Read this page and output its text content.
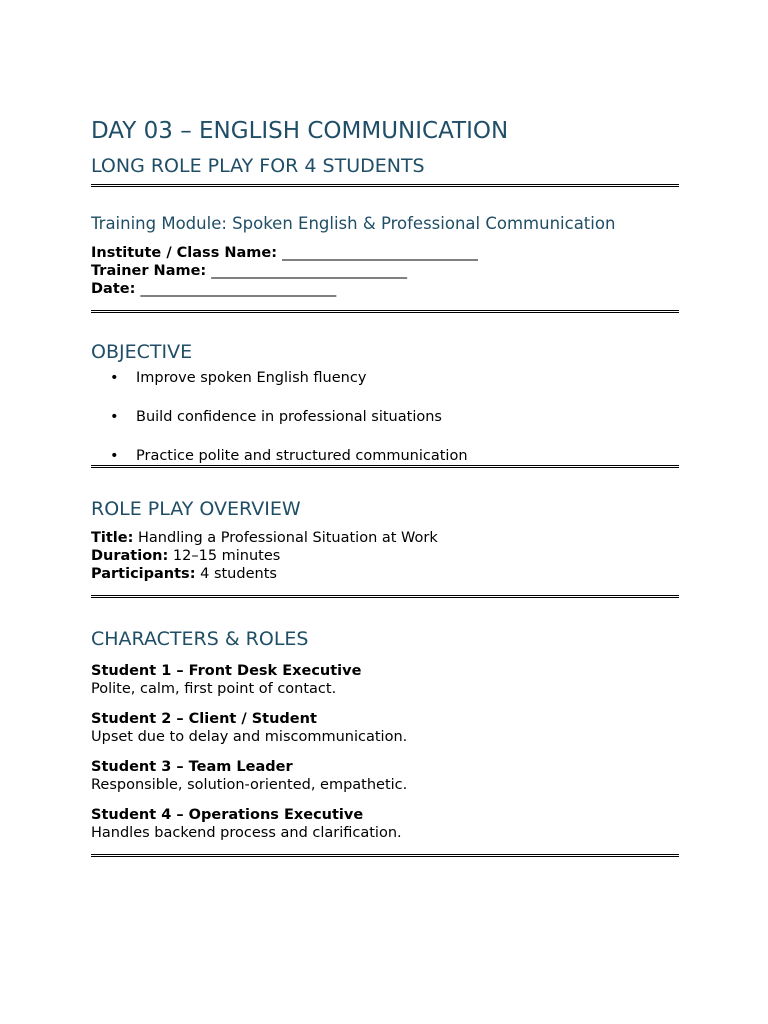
DAY 03 – ENGLISH COMMUNICATION
LONG ROLE PLAY FOR 4 STUDENTS
Training Module: Spoken English & Professional Communication
Institute / Class Name: ___________________________
Trainer Name: ___________________________
Date: ___________________________
OBJECTIVE
• Improve spoken English fluency
• Build confidence in professional situations
• Practice polite and structured communication
ROLE PLAY OVERVIEW
Title: Handling a Professional Situation at Work
Duration: 12–15 minutes
Participants: 4 students
CHARACTERS & ROLES
Student 1 – Front Desk Executive
Polite, calm, first point of contact.
Student 2 – Client / Student
Upset due to delay and miscommunication.
Student 3 – Team Leader
Responsible, solution-oriented, empathetic.
Student 4 – Operations Executive
Handles backend process and clarification.
